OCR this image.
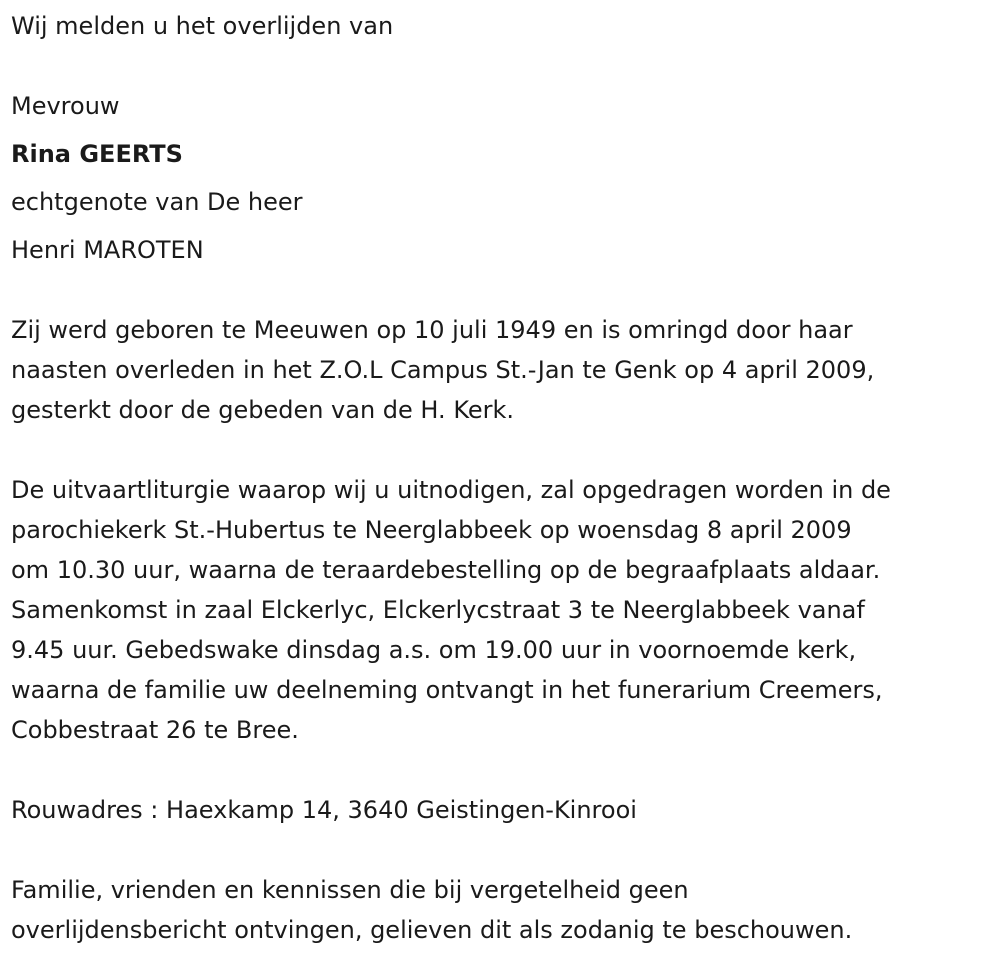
Wij melden u het overlijden van
Mevrouw
Rina GEERTS
echtgenote van De heer
Henri MAROTEN
Zij werd geboren te Meeuwen op 10 juli 1949 en is omringd door haar
naasten overleden in het Z.O.L Campus St.-Jan te Genk op 4 april 2009,
gesterkt door de gebeden van de H. Kerk.
De uitvaartliturgie waarop wij u uitnodigen, zal opgedragen worden in de
parochiekerk St.-Hubertus te Neerglabbeek op woensdag 8 april 2009
om 10.30 uur, waarna de teraardebestelling op de begraafplaats aldaar.
Samenkomst in zaal Elckerlyc, Elckerlycstraat 3 te Neerglabbeek vanaf
9.45 uur. Gebedswake dinsdag a.s. om 19.00 uur in voornoemde kerk,
waarna de familie uw deelneming ontvangt in het funerarium Creemers,
Cobbestraat 26 te Bree.
Rouwadres : Haexkamp 14, 3640 Geistingen-Kinrooi
Familie, vrienden en kennissen die bij vergetelheid geen
overlijdensbericht ontvingen, gelieven dit als zodanig te beschouwen.
